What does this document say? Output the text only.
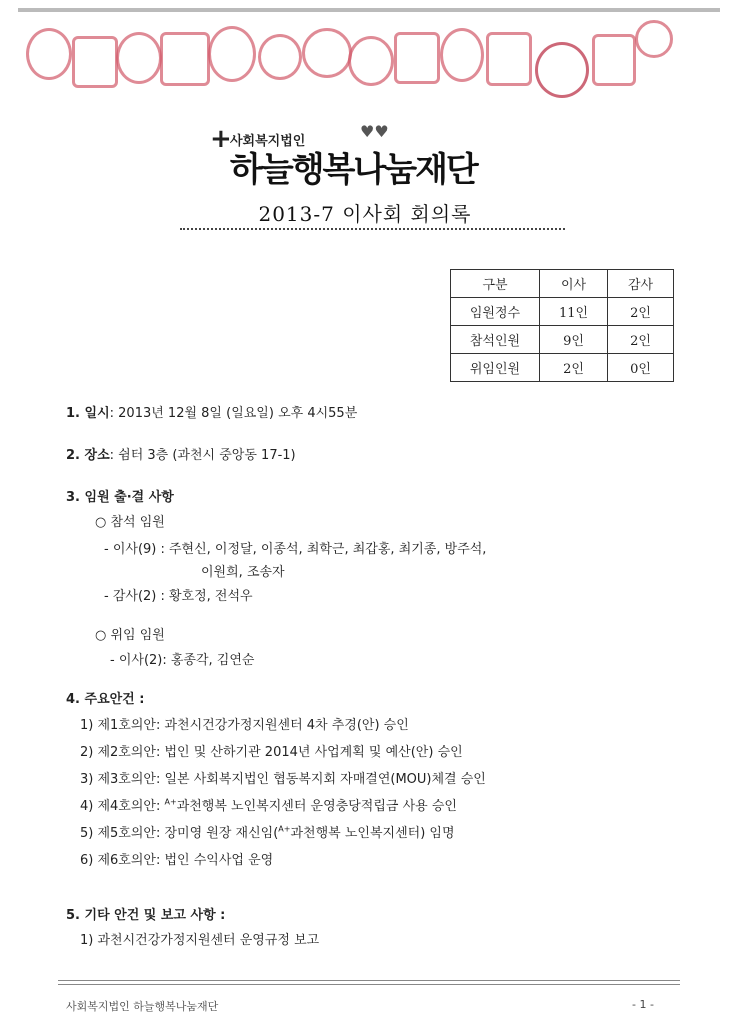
+
사회복지법인
♥♥
하늘행복나눔재단
2013-7 이사회 회의록
구분	이사	감사
임원정수	11인	2인
참석인원	9인	2인
위임인원	2인	0인
1. 일시: 2013년 12월 8일 (일요일) 오후 4시55분
2. 장소: 쉼터 3층 (과천시 중앙동 17-1)
3. 임원 출·결 사항
○ 참석 임원
- 이사(9) : 주현신, 이정달, 이종석, 최학근, 최갑홍, 최기종, 방주석,
이원희, 조송자
- 감사(2) : 황호정, 전석우
○ 위임 임원
- 이사(2): 홍종각, 김연순
4. 주요안건 :
1) 제1호의안: 과천시건강가정지원센터 4차 추경(안) 승인
2) 제2호의안: 법인 및 산하기관 2014년 사업계획 및 예산(안) 승인
3) 제3호의안: 일본 사회복지법인 협동복지회 자매결연(MOU)체결 승인
4) 제4호의안: $^{A+}$과천행복 노인복지센터 운영충당적립금 사용 승인
5) 제5호의안: 장미영 원장 재신임($^{A+}$과천행복 노인복지센터) 임명
6) 제6호의안: 법인 수익사업 운영
5. 기타 안건 및 보고 사항 :
1) 과천시건강가정지원센터 운영규정 보고
사회복지법인 하늘행복나눔재단	- 1 -
